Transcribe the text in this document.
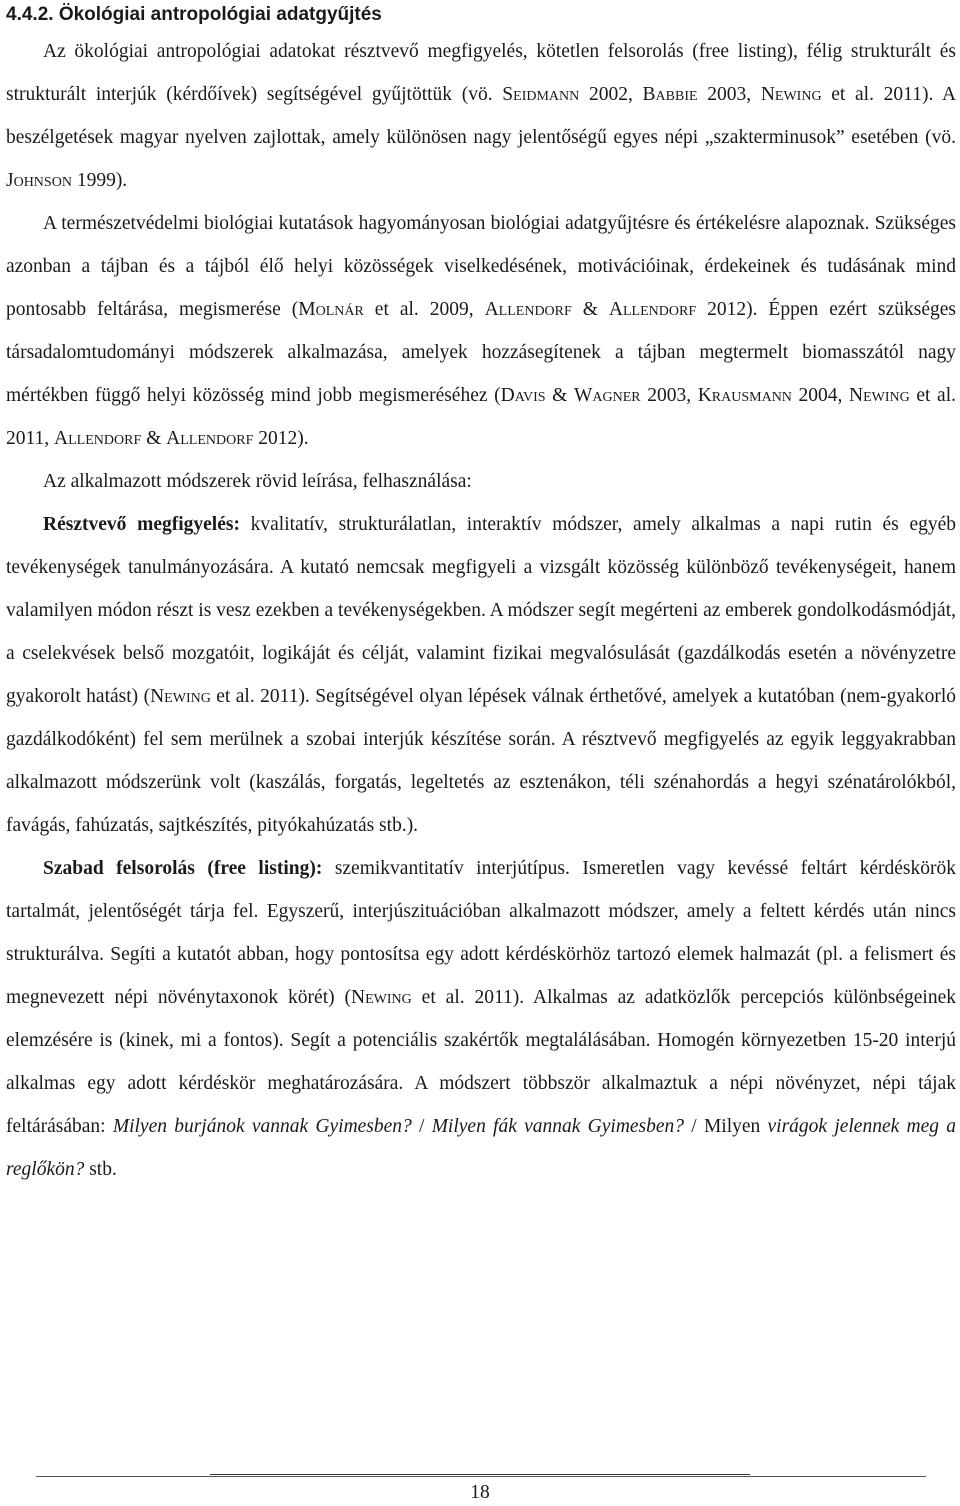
4.4.2. Ökológiai antropológiai adatgyűjtés

Az ökológiai antropológiai adatokat résztvevő megfigyelés, kötetlen felsorolás (free listing), félig strukturált és strukturált interjúk (kérdőívek) segítségével gyűjtöttük (vö. Seidmann 2002, Babbie 2003, Newing et al. 2011). A beszélgetések magyar nyelven zajlottak, amely különösen nagy jelentőségű egyes népi „szakterminusok” esetében (vö. Johnson 1999).

A természetvédelmi biológiai kutatások hagyományosan biológiai adatgyűjtésre és értékelésre alapoznak. Szükséges azonban a tájban és a tájból élő helyi közösségek viselkedésének, motivációinak, érdekeinek és tudásának mind pontosabb feltárása, megismerése (Molnár et al. 2009, Allendorf & Allendorf 2012). Éppen ezért szükséges társadalomtudományi módszerek alkalmazása, amelyek hozzásegítenek a tájban megtermelt biomasszától nagy mértékben függő helyi közösség mind jobb megismeréséhez (Davis & Wagner 2003, Krausmann 2004, Newing et al. 2011, Allendorf & Allendorf 2012).

Az alkalmazott módszerek rövid leírása, felhasználása:

Résztvevő megfigyelés: kvalitatív, strukturálatlan, interaktív módszer, amely alkalmas a napi rutin és egyéb tevékenységek tanulmányozására. A kutató nemcsak megfigyeli a vizsgált közösség különböző tevékenységeit, hanem valamilyen módon részt is vesz ezekben a tevékenységekben. A módszer segít megérteni az emberek gondolkodásmódját, a cselekvések belső mozgatóit, logikáját és célját, valamint fizikai megvalósulását (gazdálkodás esetén a növényzetre gyakorolt hatást) (Newing et al. 2011). Segítségével olyan lépések válnak érthetővé, amelyek a kutatóban (nem-gyakorló gazdálkodóként) fel sem merülnek a szobai interjúk készítése során. A résztvevő megfigyelés az egyik leggyakrabban alkalmazott módszerünk volt (kaszálás, forgatás, legeltetés az esztenákon, téli szénahordás a hegyi szénatárolókból, favágás, fahúzatás, sajtkészítés, pityókahúzatás stb.).

Szabad felsorolás (free listing): szemikvantitatív interjútípus. Ismeretlen vagy kevéssé feltárt kérdéskörök tartalmát, jelentőségét tárja fel. Egyszerű, interjúszituációban alkalmazott módszer, amely a feltett kérdés után nincs strukturálva. Segíti a kutatót abban, hogy pontosítsa egy adott kérdéskörhöz tartozó elemek halmazát (pl. a felismert és megnevezett népi növénytaxonok körét) (Newing et al. 2011). Alkalmas az adatközlők percepciós különbségeinek elemzésére is (kinek, mi a fontos). Segít a potenciális szakértők megtalálásában. Homogén környezetben 15-20 interjú alkalmas egy adott kérdéskör meghatározására. A módszert többször alkalmaztuk a népi növényzet, népi tájak feltárásában: Milyen burjánok vannak Gyimesben? / Milyen fák vannak Gyimesben? / Milyen virágok jelennek meg a reglőkön? stb.

18
